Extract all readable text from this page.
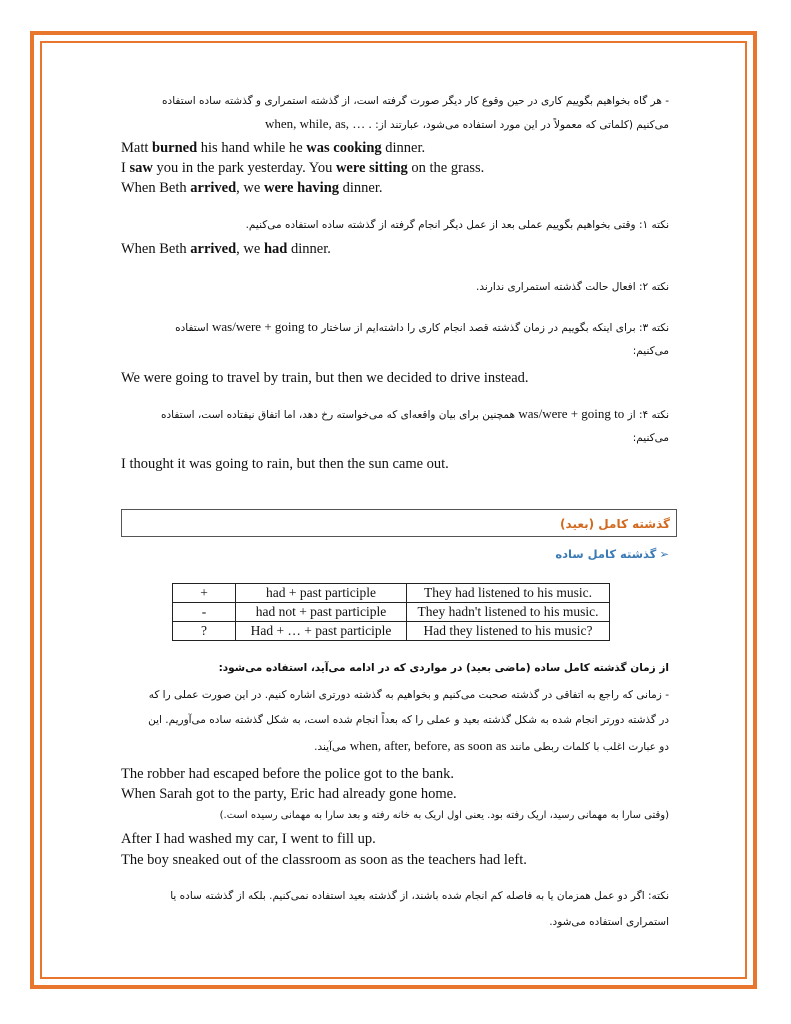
- هر گاه بخواهیم بگوییم کاری در حین وقوع کار دیگر صورت گرفته است، از گذشته استمراری و گذشته ساده استفاده
می‌کنیم (کلماتی که معمولاً در این مورد استفاده می‌شود، عبارتند از: when, while, as, … .
Matt burned his hand while he was cooking dinner.
I saw you in the park yesterday. You were sitting on the grass.
When Beth arrived, we were having dinner.
نکته ۱: وقتی بخواهیم بگوییم عملی بعد از عمل دیگر انجام گرفته از گذشته ساده استفاده می‌کنیم.
When Beth arrived, we had dinner.
نکته ۲: افعال حالت گذشته استمراری ندارند.
نکته ۳: برای اینکه بگوییم در زمان گذشته قصد انجام کاری را داشته‌ایم از ساختار was/were + going to استفاده
می‌کنیم:
We were going to travel by train, but then we decided to drive instead.
نکته ۴: از was/were + going to همچنین برای بیان واقعه‌ای که می‌خواسته رخ دهد، اما اتفاق نیفتاده است، استفاده
می‌کنیم:
I thought it was going to rain, but then the sun came out.
گذشته کامل (بعید)
➢گذشته کامل ساده
+	had + past participle	They had listened to his music.
-	had not + past participle	They hadn't listened to his music.
?	Had + … + past participle	Had they listened to his music?
از زمان گذشته کامل ساده (ماضی بعید) در مواردی که در ادامه می‌آید، استفاده می‌شود:
- زمانی که راجع به اتفاقی در گذشته صحبت می‌کنیم و بخواهیم به گذشته دورتری اشاره کنیم. در این صورت عملی را که
در گذشته دورتر انجام شده به شکل گذشته بعید و عملی را که بعداً انجام شده است، به شکل گذشته ساده می‌آوریم. این
دو عبارت اغلب با کلمات ربطی مانند when, after, before, as soon as می‌آیند.
The robber had escaped before the police got to the bank.
When Sarah got to the party, Eric had already gone home.
(وقتی سارا به مهمانی رسید، اریک رفته بود. یعنی اول اریک به خانه رفته و بعد سارا به مهمانی رسیده است.)
After I had washed my car, I went to fill up.
The boy sneaked out of the classroom as soon as the teachers had left.
نکته: اگر دو عمل همزمان یا به فاصله کم انجام شده باشند، از گذشته بعید استفاده نمی‌کنیم. بلکه از گذشته ساده یا
استمراری استفاده می‌شود.
